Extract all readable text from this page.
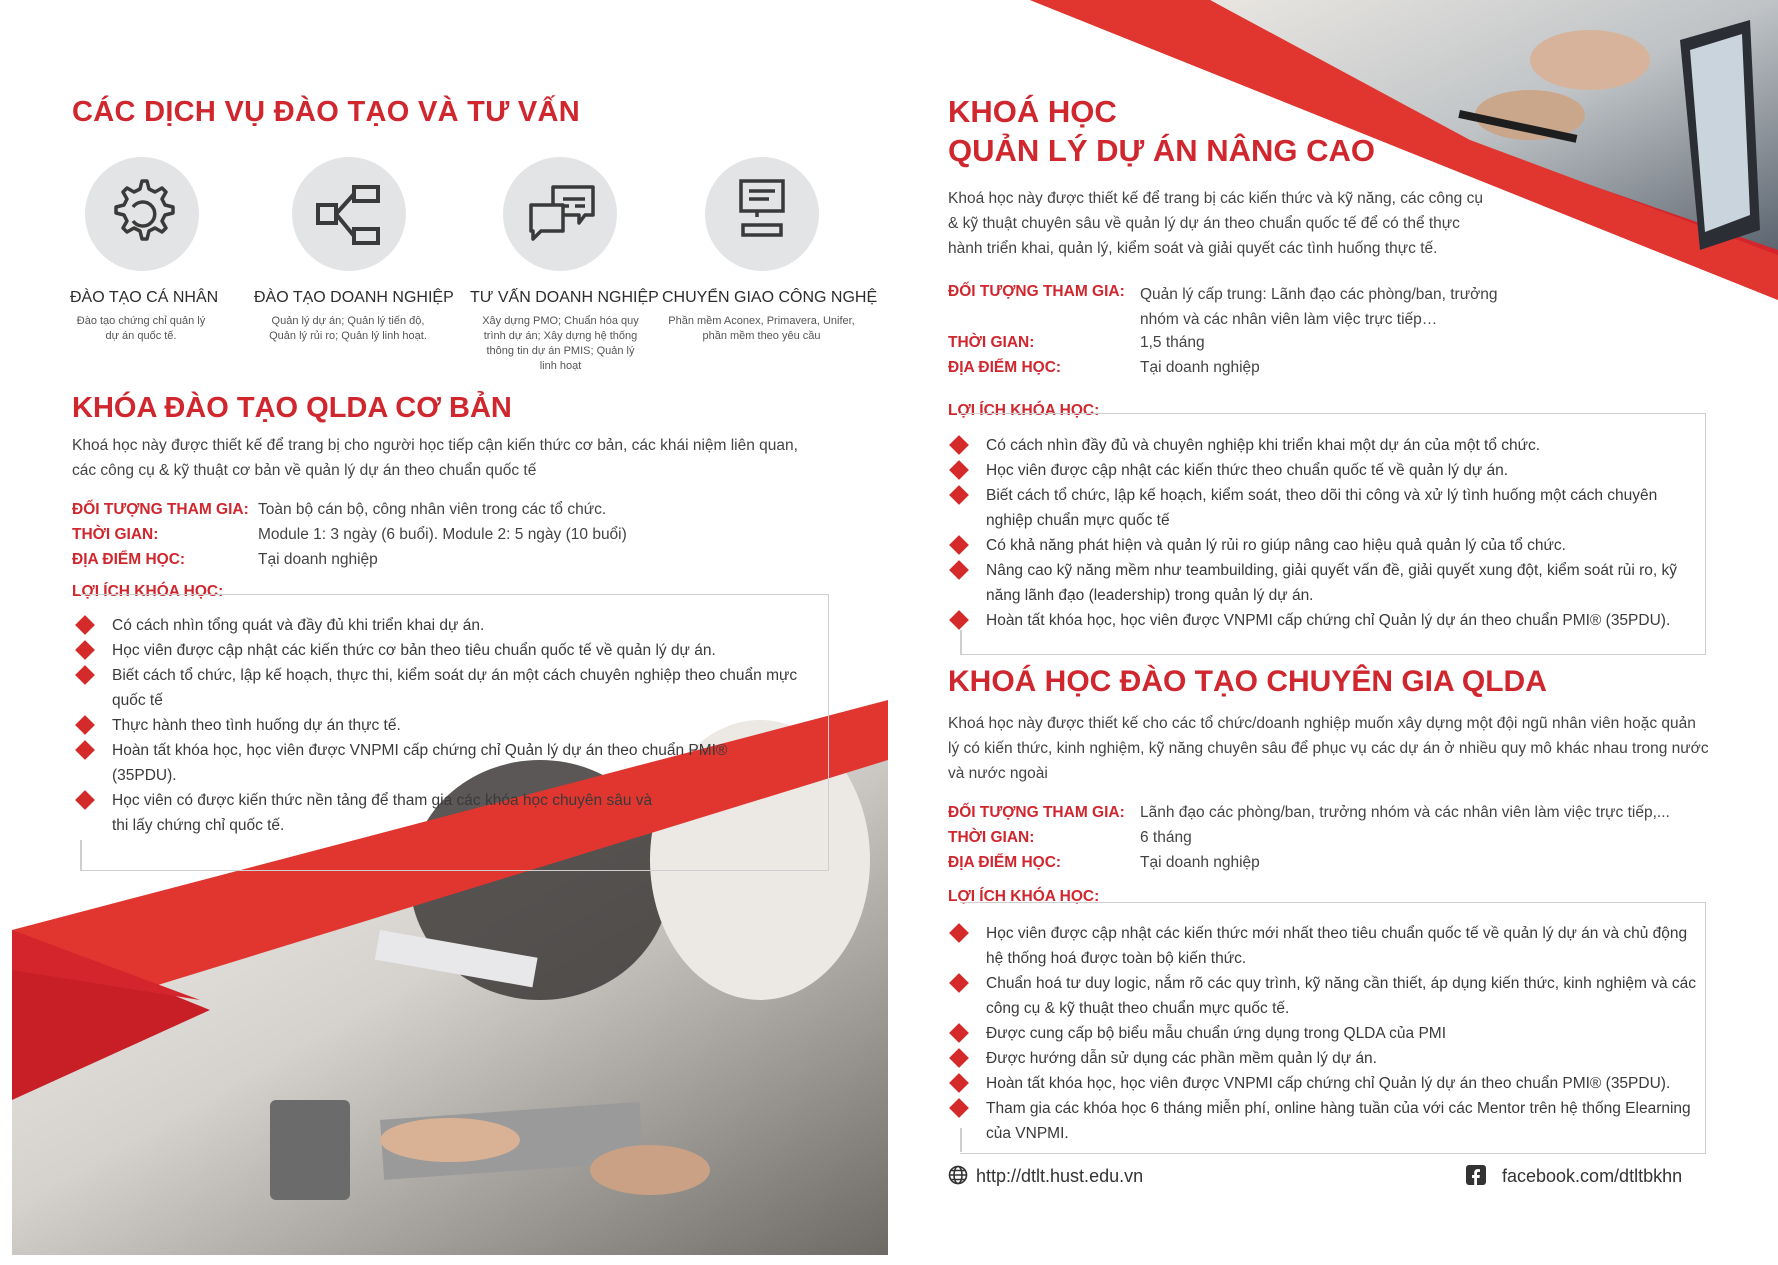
CÁC DỊCH VỤ ĐÀO TẠO VÀ TƯ VẤN
ĐÀO TẠO CÁ NHÂN
Đào tạo chứng chỉ quản lý dự án quốc tế.
ĐÀO TẠO DOANH NGHIỆP
Quản lý dự án; Quản lý tiến độ, Quản lý rủi ro; Quản lý linh hoạt.
TƯ VẤN DOANH NGHIỆP
Xây dựng PMO; Chuẩn hóa quy trình dự án; Xây dựng hệ thống thông tin dự án PMIS; Quản lý linh hoạt
CHUYỂN GIAO CÔNG NGHỆ
Phần mềm Aconex, Primavera, Unifer, phần mềm theo yêu cầu
KHÓA ĐÀO TẠO QLDA CƠ BẢN
Khoá học này được thiết kế để trang bị cho người học tiếp cận kiến thức cơ bản, các khái niệm liên quan, các công cụ & kỹ thuật cơ bản về quản lý dự án theo chuẩn quốc tế
ĐỐI TƯỢNG THAM GIA: Toàn bộ cán bộ, công nhân viên trong các tổ chức.
THỜI GIAN:	Module 1: 3 ngày (6 buổi). Module 2: 5 ngày (10 buổi)
ĐỊA ĐIỂM HỌC:	Tại doanh nghiệp
LỢI ÍCH KHÓA HỌC:
Có cách nhìn tổng quát và đầy đủ khi triển khai dự án.
Học viên được cập nhật các kiến thức cơ bản theo tiêu chuẩn quốc tế về quản lý dự án.
Biết cách tổ chức, lập kế hoạch, thực thi, kiểm soát dự án một cách chuyên nghiệp theo chuẩn mực quốc tế
Thực hành theo tình huống dự án thực tế.
Hoàn tất khóa học, học viên được VNPMI cấp chứng chỉ Quản lý dự án theo chuẩn PMI® (35PDU).
Học viên có được kiến thức nền tảng để tham gia các khóa học chuyên sâu và thi lấy chứng chỉ quốc tế.
KHOÁ HỌC
QUẢN LÝ DỰ ÁN NÂNG CAO
Khoá học này được thiết kế để trang bị các kiến thức và kỹ năng, các công cụ & kỹ thuật chuyên sâu về quản lý dự án theo chuẩn quốc tế để có thể thực hành triển khai, quản lý, kiểm soát và giải quyết các tình huống thực tế.
ĐỐI TƯỢNG THAM GIA: Quản lý cấp trung: Lãnh đạo các phòng/ban, trưởng nhóm và các nhân viên làm việc trực tiếp…
THỜI GIAN:	1,5 tháng
ĐỊA ĐIỂM HỌC:	Tại doanh nghiệp
LỢI ÍCH KHÓA HỌC:
Có cách nhìn đầy đủ và chuyên nghiệp khi triển khai một dự án của một tổ chức.
Học viên được cập nhật các kiến thức theo chuẩn quốc tế về quản lý dự án.
Biết cách tổ chức, lập kế hoạch, kiểm soát, theo dõi thi công và xử lý tình huống một cách chuyên nghiệp chuẩn mực quốc tế
Có khả năng phát hiện và quản lý rủi ro giúp nâng cao hiệu quả quản lý của tổ chức.
Nâng cao kỹ năng mềm như teambuilding, giải quyết vấn đề, giải quyết xung đột, kiểm soát rủi ro, kỹ năng lãnh đạo (leadership) trong quản lý dự án.
Hoàn tất khóa học, học viên được VNPMI cấp chứng chỉ Quản lý dự án theo chuẩn PMI® (35PDU).
KHOÁ HỌC ĐÀO TẠO CHUYÊN GIA QLDA
Khoá học này được thiết kế cho các tổ chức/doanh nghiệp muốn xây dựng một đội ngũ nhân viên hoặc quản lý có kiến thức, kinh nghiệm, kỹ năng chuyên sâu để phục vụ các dự án ở nhiều quy mô khác nhau trong nước và nước ngoài
ĐỐI TƯỢNG THAM GIA: Lãnh đạo các phòng/ban, trưởng nhóm và các nhân viên làm việc trực tiếp,...
THỜI GIAN:	6 tháng
ĐỊA ĐIỂM HỌC:	Tại doanh nghiệp
LỢI ÍCH KHÓA HỌC:
Học viên được cập nhật các kiến thức mới nhất theo tiêu chuẩn quốc tế về quản lý dự án và chủ động hệ thống hoá được toàn bộ kiến thức.
Chuẩn hoá tư duy logic, nắm rõ các quy trình, kỹ năng cần thiết, áp dụng kiến thức, kinh nghiệm và các công cụ & kỹ thuật theo chuẩn mực quốc tế.
Được cung cấp bộ biểu mẫu chuẩn ứng dụng trong QLDA của PMI
Được hướng dẫn sử dụng các phần mềm quản lý dự án.
Hoàn tất khóa học, học viên được VNPMI cấp chứng chỉ Quản lý dự án theo chuẩn PMI® (35PDU).
Tham gia các khóa học 6 tháng miễn phí, online hàng tuần của với các Mentor trên hệ thống Elearning của VNPMI.
http://dtlt.hust.edu.vn	facebook.com/dtltbkhn
